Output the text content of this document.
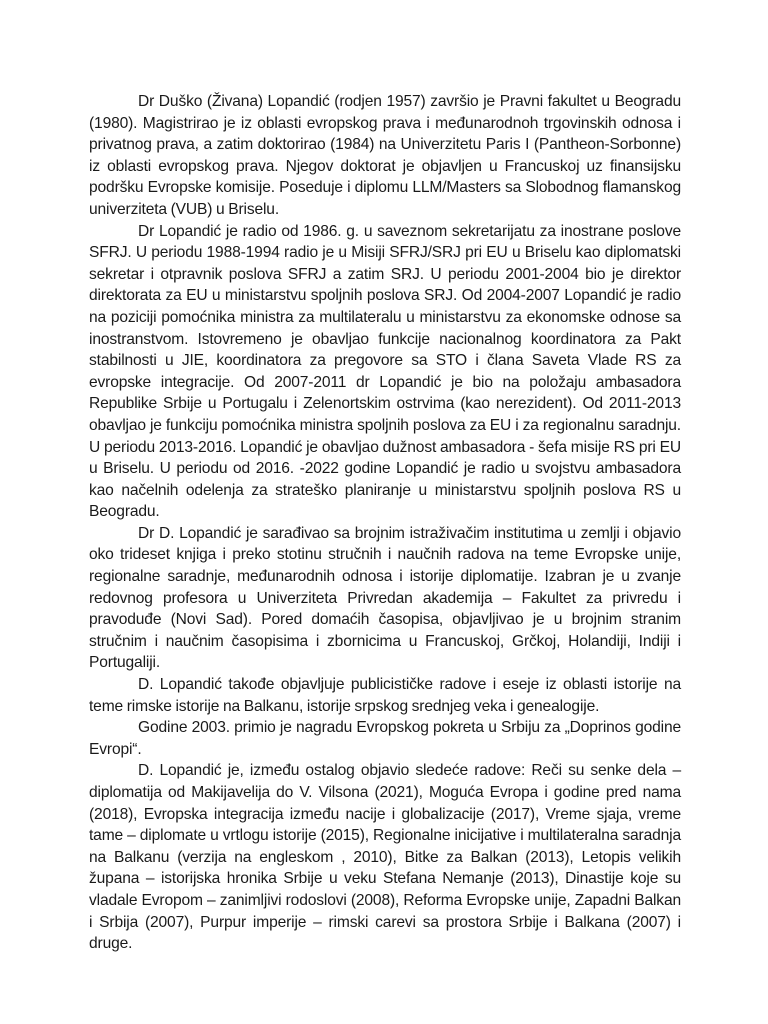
Dr Duško (Živana) Lopandić (rodjen 1957) završio je Pravni fakultet u Beogradu (1980). Magistrirao je iz oblasti evropskog prava i međunarodnoh trgovinskih odnosa i privatnog prava, a zatim doktorirao (1984) na Univerzitetu Paris I (Pantheon-Sorbonne) iz oblasti evropskog prava. Njegov doktorat je objavljen u Francuskoj uz finansijsku podršku Evropske komisije. Poseduje i diplomu LLM/Masters sa Slobodnog flamanskog univerziteta (VUB) u Briselu.

Dr Lopandić je radio od 1986. g. u saveznom sekretarijatu za inostrane poslove SFRJ. U periodu 1988-1994 radio je u Misiji SFRJ/SRJ pri EU u Briselu kao diplomatski sekretar i otpravnik poslova SFRJ a zatim SRJ. U periodu 2001-2004 bio je direktor direktorata za EU u ministarstvu spoljnih poslova SRJ. Od 2004-2007 Lopandić je radio na poziciji pomoćnika ministra za multilateralu u ministarstvu za ekonomske odnose sa inostranstvom. Istovremeno je obavljao funkcije nacionalnog koordinatora za Pakt stabilnosti u JIE, koordinatora za pregovore sa STO i člana Saveta Vlade RS za evropske integracije. Od 2007-2011 dr Lopandić je bio na položaju ambasadora Republike Srbije u Portugalu i Zelenortskim ostrvima (kao nerezident). Od 2011-2013 obavljao je funkciju pomoćnika ministra spoljnih poslova za EU i za regionalnu saradnju. U periodu 2013-2016. Lopandić je obavljao dužnost ambasadora - šefa misije RS pri EU u Briselu. U periodu od 2016. -2022 godine Lopandić je radio u svojstvu ambasadora kao načelnih odelenja za strateško planiranje u ministarstvu spoljnih poslova RS u Beogradu.

Dr D. Lopandić je sarađivao sa brojnim istraživačim institutima u zemlji i objavio oko trideset knjiga i preko stotinu stručnih i naučnih radova na teme Evropske unije, regionalne saradnje, međunarodnih odnosa i istorije diplomatije. Izabran je u zvanje redovnog profesora u Univerziteta Privredan akademija – Fakultet za privredu i pravoduđe (Novi Sad). Pored domaćih časopisa, objavljivao je u brojnim stranim stručnim i naučnim časopisima i zbornicima u Francuskoj, Grčkoj, Holandiji, Indiji i Portugaliji.

D. Lopandić takođe objavljuje publicističke radove i eseje iz oblasti istorije na teme rimske istorije na Balkanu, istorije srpskog srednjeg veka i genealogije.

Godine 2003. primio je nagradu Evropskog pokreta u Srbiju za „Doprinos godine Evropi“.

D. Lopandić je, između ostalog objavio sledeće radove: Reči su senke dela – diplomatija od Makijavelija do V. Vilsona (2021), Moguća Evropa i godine pred nama (2018), Evropska integracija između nacije i globalizacije (2017), Vreme sjaja, vreme tame – diplomate u vrtlogu istorije (2015), Regionalne inicijative i multilateralna saradnja na Balkanu (verzija na engleskom , 2010), Bitke za Balkan (2013), Letopis velikih župana – istorijska hronika Srbije u veku Stefana Nemanje (2013), Dinastije koje su vladale Evropom – zanimljivi rodoslovi (2008), Reforma Evropske unije, Zapadni Balkan i Srbija (2007), Purpur imperije – rimski carevi sa prostora Srbije i Balkana (2007) i druge.
